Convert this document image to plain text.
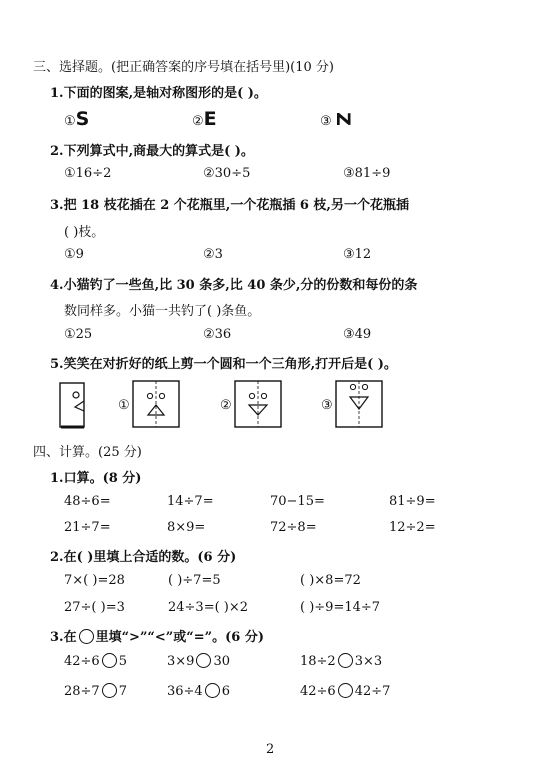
三、选择题。(把正确答案的序号填在括号里)(10 分)
1.下面的图案,是轴对称图形的是( )。
①S	②E	③ Z
2.下列算式中,商最大的算式是( )。
①16÷2	②30÷5	③81÷9
3.把 18 枝花插在 2 个花瓶里,一个花瓶插 6 枝,另一个花瓶插
( )枝。
①9	②3	③12
4.小猫钓了一些鱼,比 30 条多,比 40 条少,分的份数和每份的条
数同样多。小猫一共钓了( )条鱼。
①25	②36	③49
5.笑笑在对折好的纸上剪一个圆和一个三角形,打开后是( )。
①	②	③
四、计算。(25 分)
1.口算。(8 分)
48÷6=	14÷7=	70−15=	81÷9=
21÷7=	8×9=	72÷8=	12÷2=
2.在( )里填上合适的数。(6 分)
7×( )=28	( )÷7=5	( )×8=72
27÷( )=3	24÷3=( )×2	( )÷9=14÷7
3.在 里填“>”“<”或“=”。(6 分)
42÷6 5	3×9 30	18÷2 3×3
28÷7 7	36÷4 6	42÷6 42÷7
2
